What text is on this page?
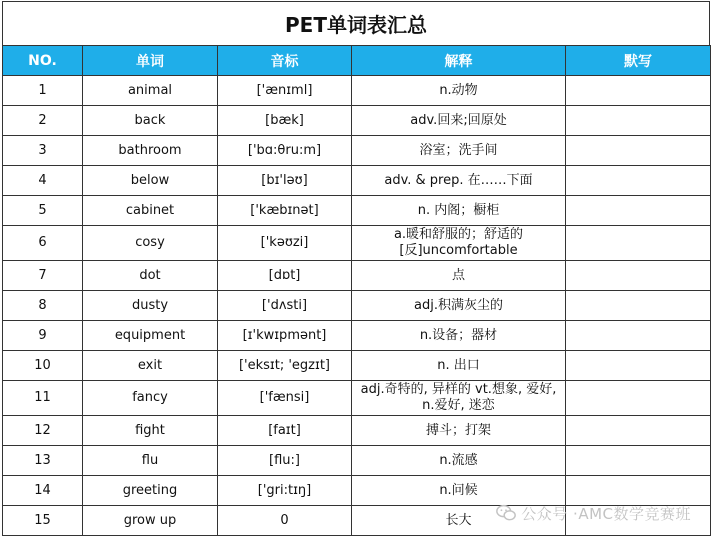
PET单词表汇总
NO.	单词	音标	解释	默写
1	animal	['ænɪml]	n.动物	
2	back	[bæk]	adv.回来;回原处	
3	bathroom	['bɑ:θru:m]	浴室；洗手间	
4	below	[bɪ'ləʊ]	adv. & prep. 在……下面	
5	cabinet	['kæbɪnət]	n. 内阁；橱柜	
6	cosy	['kəʊzi]	a.暖和舒服的；舒适的
[反]uncomfortable	
7	dot	[dɒt]	点	
8	dusty	['dʌsti]	adj.积满灰尘的	
9	equipment	[ɪ'kwɪpmənt]	n.设备；器材	
10	exit	['eksɪt; 'egzɪt]	n. 出口	
11	fancy	['fænsi]	adj.奇特的, 异样的 vt.想象, 爱好,
n.爱好, 迷恋	
12	fight	[faɪt]	搏斗；打架	
13	flu	[flu:]	n.流感	
14	greeting	['gri:tɪŋ]	n.问候	
15	grow up	0	长大		公众号 · AMC数学竞赛班
